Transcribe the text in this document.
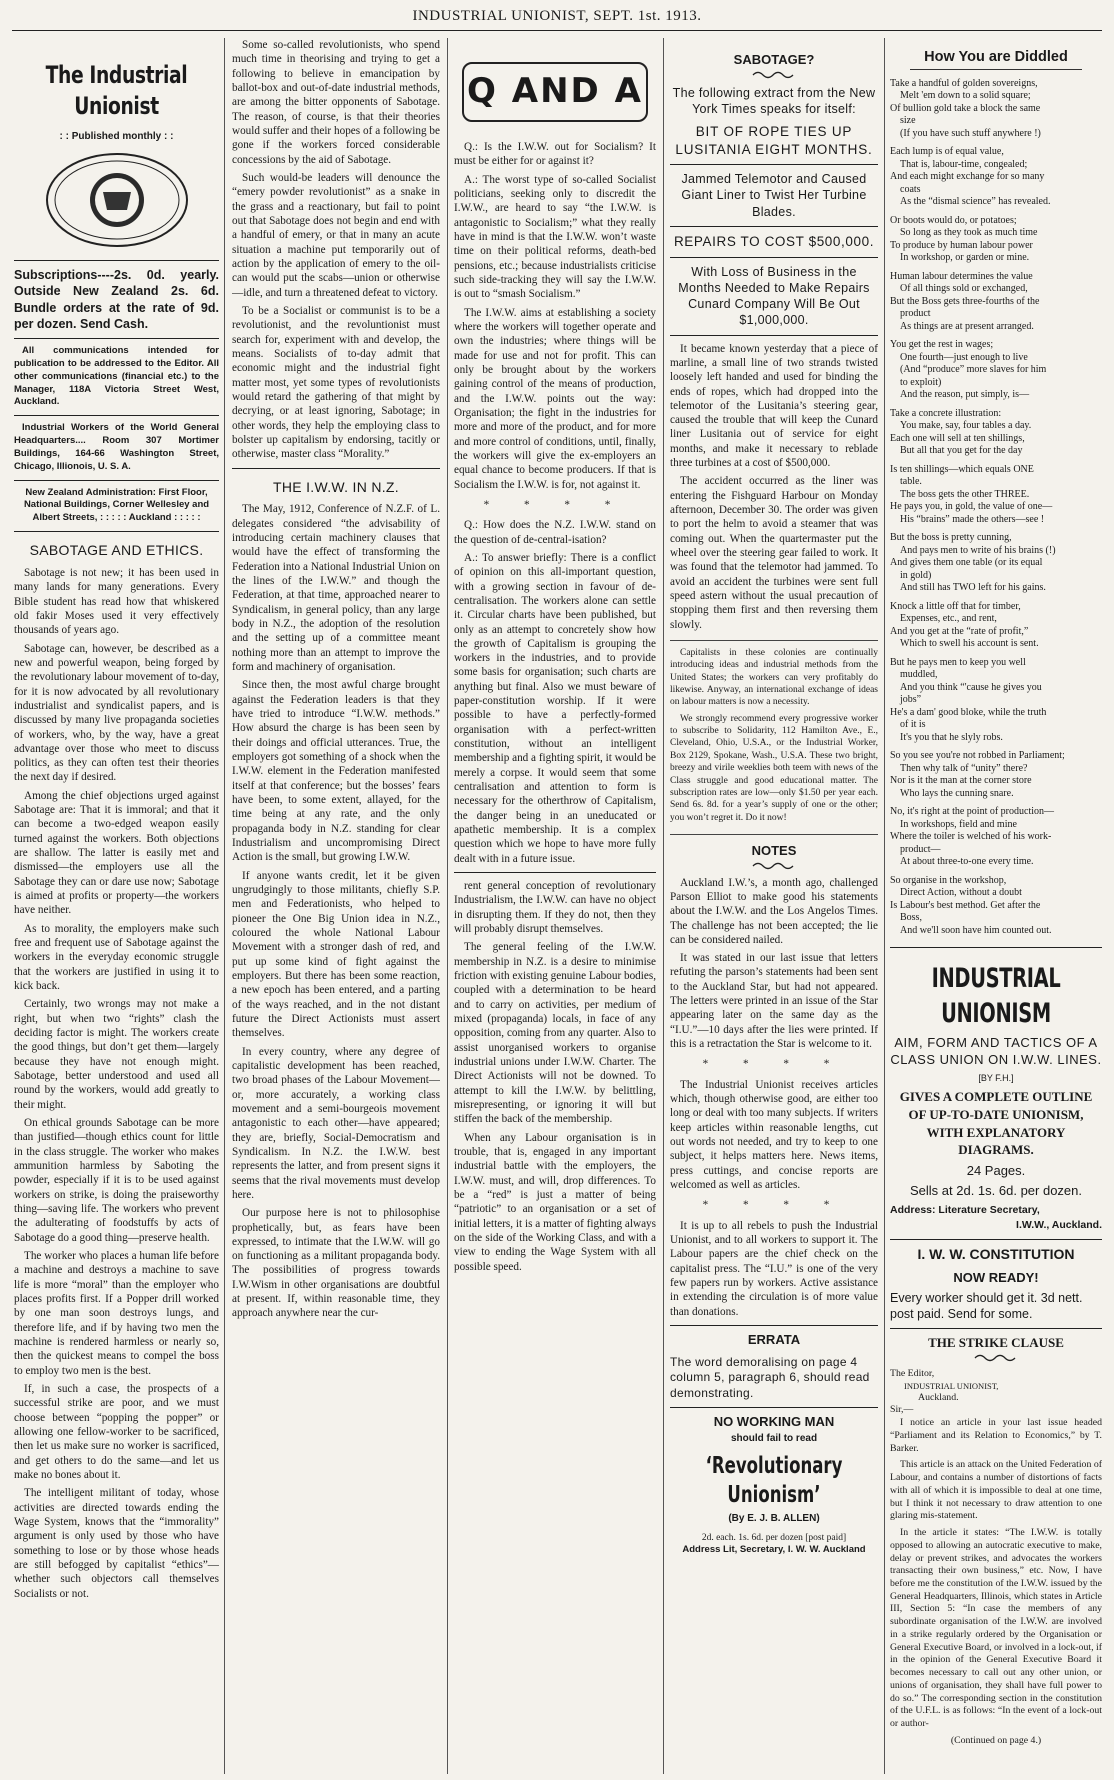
INDUSTRIAL UNIONIST, SEPT. 1st. 1913.
The Industrial Unionist
: : Published monthly : :
Subscriptions----2s. 0d. yearly. Outside New Zealand 2s. 6d. Bundle orders at the rate of 9d. per dozen. Send Cash.
All communications intended for publication to be addressed to the Editor. All other communications (financial etc.) to the Manager, 118A Victoria Street West, Auckland.
Industrial Workers of the World General Headquarters.... Room 307 Mortimer Buildings, 164-66 Washington Street, Chicago, Illionois, U. S. A.
New Zealand Administration: First Floor, National Buildings, Corner Wellesley and Albert Streets, : : : : : Auckland : : : : :
SABOTAGE AND ETHICS.

Sabotage is not new; it has been used in many lands for many generations. Every Bible student has read how that whiskered old fakir Moses used it very effectively thousands of years ago.

Sabotage can, however, be described as a new and powerful weapon, being forged by the revolutionary labour movement of to-day, for it is now advocated by all revolutionary industrialist and syndicalist papers, and is discussed by many live propaganda societies of workers, who, by the way, have a great advantage over those who meet to discuss politics, as they can often test their theories the next day if desired.

Among the chief objections urged against Sabotage are: That it is immoral; and that it can become a two-edged weapon easily turned against the workers. Both objections are shallow. The latter is easily met and dismissed—the employers use all the Sabotage they can or dare use now; Sabotage is aimed at profits or property—the workers have neither.

As to morality, the employers make such free and frequent use of Sabotage against the workers in the everyday economic struggle that the workers are justified in using it to kick back.

Certainly, two wrongs may not make a right, but when two “rights” clash the deciding factor is might. The workers create the good things, but don’t get them—largely because they have not enough might. Sabotage, better understood and used all round by the workers, would add greatly to their might.

On ethical grounds Sabotage can be more than justified—though ethics count for little in the class struggle. The worker who makes ammunition harmless by Saboting the powder, especially if it is to be used against workers on strike, is doing the praiseworthy thing—saving life. The workers who prevent the adulterating of foodstuffs by acts of Sabotage do a good thing—preserve health.

The worker who places a human life before a machine and destroys a machine to save life is more “moral” than the employer who places profits first. If a Popper drill worked by one man soon destroys lungs, and therefore life, and if by having two men the machine is rendered harmless or nearly so, then the quickest means to compel the boss to employ two men is the best.

If, in such a case, the prospects of a successful strike are poor, and we must choose between “popping the popper” or allowing one fellow-worker to be sacrificed, then let us make sure no worker is sacrificed, and get others to do the same—and let us make no bones about it.

The intelligent militant of today, whose activities are directed towards ending the Wage System, knows that the “immorality” argument is only used by those who have something to lose or by those whose heads are still befogged by capitalist “ethics”—whether such objectors call themselves Socialists or not.

Some so-called revolutionists, who spend much time in theorising and trying to get a following to believe in emancipation by ballot-box and out-of-date industrial methods, are among the bitter opponents of Sabotage. The reason, of course, is that their theories would suffer and their hopes of a following be gone if the workers forced considerable concessions by the aid of Sabotage.

Such would-be leaders will denounce the “emery powder revolutionist” as a snake in the grass and a reactionary, but fail to point out that Sabotage does not begin and end with a handful of emery, or that in many an acute situation a machine put temporarily out of action by the application of emery to the oil-can would put the scabs—union or otherwise—idle, and turn a threatened defeat to victory.

To be a Socialist or communist is to be a revolutionist, and the revoluntionist must search for, experiment with and develop, the means. Socialists of to-day admit that economic might and the industrial fight matter most, yet some types of revolutionists would retard the gathering of that might by decrying, or at least ignoring, Sabotage; in other words, they help the employing class to bolster up capitalism by endorsing, tacitly or otherwise, master class “Morality.”

THE I.W.W. IN N.Z.

The May, 1912, Conference of N.Z.F. of L. delegates considered “the advisability of introducing certain machinery clauses that would have the effect of transforming the Federation into a National Industrial Union on the lines of the I.W.W.” and though the Federation, at that time, approached nearer to Syndicalism, in general policy, than any large body in N.Z., the adoption of the resolution and the setting up of a committee meant nothing more than an attempt to improve the form and machinery of organisation.

Since then, the most awful charge brought against the Federation leaders is that they have tried to introduce “I.W.W. methods.” How absurd the charge is has been seen by their doings and official utterances. True, the employers got something of a shock when the I.W.W. element in the Federation manifested itself at that conference; but the bosses’ fears have been, to some extent, allayed, for the time being at any rate, and the only propaganda body in N.Z. standing for clear Industrialism and uncompromising Direct Action is the small, but growing I.W.W.

If anyone wants credit, let it be given ungrudgingly to those militants, chiefly S.P. men and Federationists, who helped to pioneer the One Big Union idea in N.Z., coloured the whole National Labour Movement with a stronger dash of red, and put up some kind of fight against the employers. But there has been some reaction, a new epoch has been entered, and a parting of the ways reached, and in the not distant future the Direct Actionists must assert themselves.

In every country, where any degree of capitalistic development has been reached, two broad phases of the Labour Movement—or, more accurately, a working class movement and a semi-bourgeois movement antagonistic to each other—have appeared; they are, briefly, Social-Democratism and Syndicalism. In N.Z. the I.W.W. best represents the latter, and from present signs it seems that the rival movements must develop here.

Our purpose here is not to philosophise prophetically, but, as fears have been expressed, to intimate that the I.W.W. will go on functioning as a militant propaganda body. The possibilities of progress towards I.W.Wism in other organisations are doubtful at present. If, within reasonable time, they approach anywhere near the cur-

Q AND A

Q.: Is the I.W.W. out for Socialism? It must be either for or against it?

A.: The worst type of so-called Socialist politicians, seeking only to discredit the I.W.W., are heard to say “the I.W.W. is antagonistic to Socialism;” what they really have in mind is that the I.W.W. won’t waste time on their political reforms, death-bed pensions, etc.; because industrialists criticise such side-tracking they will say the I.W.W. is out to “smash Socialism.”

The I.W.W. aims at establishing a society where the workers will together operate and own the industries; where things will be made for use and not for profit. This can only be brought about by the workers gaining control of the means of production, and the I.W.W. points out the way: Organisation; the fight in the industries for more and more of the product, and for more and more control of conditions, until, finally, the workers will give the ex-employers an equal chance to become producers. If that is Socialism the I.W.W. is for, not against it.

* * * *

Q.: How does the N.Z. I.W.W. stand on the question of de-central-isation?

A.: To answer briefly: There is a conflict of opinion on this all-important question, with a growing section in favour of de-centralisation. The workers alone can settle it. Circular charts have been published, but only as an attempt to concretely show how the growth of Capitalism is grouping the workers in the industries, and to provide some basis for organisation; such charts are anything but final. Also we must beware of paper-constitution worship. If it were possible to have a perfectly-formed organisation with a perfect-written constitution, without an intelligent membership and a fighting spirit, it would be merely a corpse. It would seem that some centralisation and attention to form is necessary for the otherthrow of Capitalism, the danger being in an uneducated or apathetic membership. It is a complex question which we hope to have more fully dealt with in a future issue.

rent general conception of revolutionary Industrialism, the I.W.W. can have no object in disrupting them. If they do not, then they will probably disrupt themselves.

The general feeling of the I.W.W. membership in N.Z. is a desire to minimise friction with existing genuine Labour bodies, coupled with a determination to be heard and to carry on activities, per medium of mixed (propaganda) locals, in face of any opposition, coming from any quarter. Also to assist unorganised workers to organise industrial unions under I.W.W. Charter. The Direct Actionists will not be downed. To attempt to kill the I.W.W. by belittling, misrepresenting, or ignoring it will but stiffen the back of the membership.

When any Labour organisation is in trouble, that is, engaged in any important industrial battle with the employers, the I.W.W. must, and will, drop differences. To be a “red” is just a matter of being “patriotic” to an organisation or a set of initial letters, it is a matter of fighting always on the side of the Working Class, and with a view to ending the Wage System with all possible speed.

SABOTAGE?
The following extract from the New York Times speaks for itself:
BIT OF ROPE TIES UP LUSITANIA EIGHT MONTHS.
Jammed Telemotor and Caused Giant Liner to Twist Her Turbine Blades.
REPAIRS TO COST $500,000.
With Loss of Business in the Months Needed to Make Repairs Cunard Company Will Be Out $1,000,000.

It became known yesterday that a piece of marline, a small line of two strands twisted loosely left handed and used for binding the ends of ropes, which had dropped into the telemotor of the Lusitania’s steering gear, caused the trouble that will keep the Cunard liner Lusitania out of service for eight months, and make it necessary to reblade three turbines at a cost of $500,000.

The accident occurred as the liner was entering the Fishguard Harbour on Monday afternoon, December 30. The order was given to port the helm to avoid a steamer that was coming out. When the quartermaster put the wheel over the steering gear failed to work. It was found that the telemotor had jammed. To avoid an accident the turbines were sent full speed astern without the usual precaution of stopping them first and then reversing them slowly.

Capitalists in these colonies are continually introducing ideas and industrial methods from the United States; the workers can very profitably do likewise. Anyway, an international exchange of ideas on labour matters is now a necessity.

We strongly recommend every progressive worker to subscribe to Solidarity, 112 Hamilton Ave., E., Cleveland, Ohio, U.S.A., or the Industrial Worker, Box 2129, Spokane, Wash., U.S.A. These two bright, breezy and virile weeklies both teem with news of the Class struggle and good educational matter. The subscription rates are low—only $1.50 per year each. Send 6s. 8d. for a year’s supply of one or the other; you won’t regret it. Do it now!

NOTES

Auckland I.W.’s, a month ago, challenged Parson Elliot to make good his statements about the I.W.W. and the Los Angelos Times. The challenge has not been accepted; the lie can be considered nailed.

It was stated in our last issue that letters refuting the parson’s statements had been sent to the Auckland Star, but had not appeared. The letters were printed in an issue of the Star appearing later on the same day as the “I.U.”—10 days after the lies were printed. If this is a retractation the Star is welcome to it.

* * * *

The Industrial Unionist receives articles which, though otherwise good, are either too long or deal with too many subjects. If writers keep articles within reasonable lengths, cut out words not needed, and try to keep to one subject, it helps matters here. News items, press cuttings, and concise reports are welcomed as well as articles.

* * * *

It is up to all rebels to push the Industrial Unionist, and to all workers to support it. The Labour papers are the chief check on the capitalist press. The “I.U.” is one of the very few papers run by workers. Active assistance in extending the circulation is of more value than donations.

ERRATA
The word demoralising on page 4 column 5, paragraph 6, should read demonstrating.
NO WORKING MAN
should fail to read
‘Revolutionary Unionism’
(By E. J. B. ALLEN)
2d. each. 1s. 6d. per dozen [post paid]
Address Lit, Secretary, I. W. W. Auckland
How You are Diddled
Take a handful of golden sovereigns,
Melt 'em down to a solid square;
Of bullion gold take a block the same
size
(If you have such stuff anywhere !)
Each lump is of equal value,
That is, labour-time, congealed;
And each might exchange for so many
coats
As the “dismal science” has revealed.
Or boots would do, or potatoes;
So long as they took as much time
To produce by human labour power
In workshop, or garden or mine.
Human labour determines the value
Of all things sold or exchanged,
But the Boss gets three-fourths of the
product
As things are at present arranged.
You get the rest in wages;
One fourth—just enough to live
(And “produce” more slaves for him
to exploit)
And the reason, put simply, is—
Take a concrete illustration:
You make, say, four tables a day.
Each one will sell at ten shillings,
But all that you get for the day
Is ten shillings—which equals ONE
table.
The boss gets the other THREE.
He pays you, in gold, the value of one—
His “brains” made the others—see !
But the boss is pretty cunning,
And pays men to write of his brains (!)
And gives them one table (or its equal
in gold)
And still has TWO left for his gains.
Knock a little off that for timber,
Expenses, etc., and rent,
And you get at the “rate of profit,”
Which to swell his account is sent.
But he pays men to keep you well
muddled,
And you think “'cause he gives you
jobs”
He's a dam' good bloke, while the truth
of it is
It's you that he slyly robs.
So you see you're not robbed in Parliament;
Then why talk of “unity” there?
Nor is it the man at the corner store
Who lays the cunning snare.
No, it's right at the point of production—
In workshops, field and mine
Where the toiler is welched of his work-
product—
At about three-to-one every time.
So organise in the workshop,
Direct Action, without a doubt
Is Labour's best method. Get after the
Boss,
And we'll soon have him counted out.
INDUSTRIAL UNIONISM
AIM, FORM AND TACTICS OF A CLASS UNION ON I.W.W. LINES.
[BY F.H.]
GIVES A COMPLETE OUTLINE OF UP-TO-DATE UNIONISM, WITH EXPLANATORY DIAGRAMS.
24 Pages.
Sells at 2d. 1s. 6d. per dozen.
Address: Literature Secretary,
I.W.W., Auckland.
I. W. W. CONSTITUTION
NOW READY!
Every worker should get it. 3d nett. post paid. Send for some.
THE STRIKE CLAUSE
The Editor,
INDUSTRIAL UNIONIST,
Auckland.
Sir,—

I notice an article in your last issue headed “Parliament and its Relation to Economics,” by T. Barker.

This article is an attack on the United Federation of Labour, and contains a number of distortions of facts with all of which it is impossible to deal at one time, but I think it not necessary to draw attention to one glaring mis-statement.

In the article it states: “The I.W.W. is totally opposed to allowing an autocratic executive to make, delay or prevent strikes, and advocates the workers transacting their own business,” etc. Now, I have before me the constitution of the I.W.W. issued by the General Headquarters, Illinois, which states in Article III, Section 5: “In case the members of any subordinate organisation of the I.W.W. are involved in a strike regularly ordered by the Organisation or General Executive Board, or involved in a lock-out, if in the opinion of the General Executive Board it becomes necessary to call out any other union, or unions of organisation, they shall have full power to do so.” The corresponding section in the constitution of the U.F.L. is as follows: “In the event of a lock-out or author-

(Continued on page 4.)
